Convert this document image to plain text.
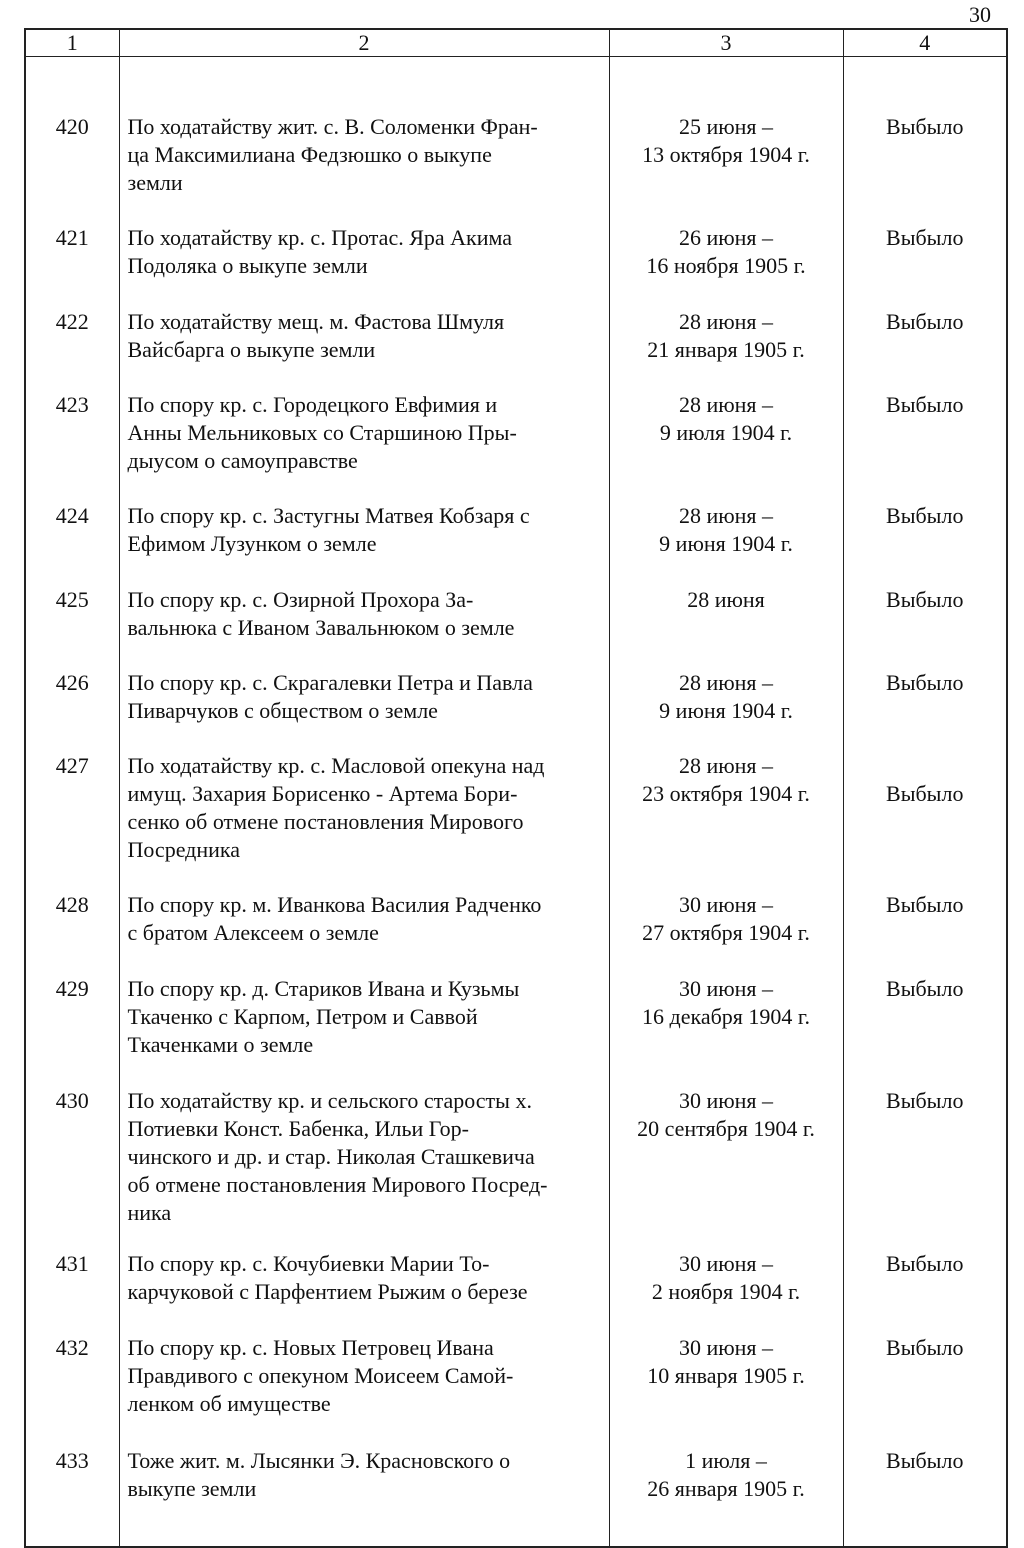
30
1	2	3	4
420	По ходатайству жит. с. В. Соломенки Фран-
ца Максимилиана Федзюшко о выкупе
земли	25 июня –
13 октября 1904 г.	Выбыло
421	По ходатайству кр. с. Протас. Яра Акима
Подоляка о выкупе земли	26 июня –
16 ноября 1905 г.	Выбыло
422	По ходатайству мещ. м. Фастова Шмуля
Вайсбарга о выкупе земли	28 июня –
21 января 1905 г.	Выбыло
423	По спору кр. с. Городецкого Евфимия и
Анны Мельниковых со Старшиною Пры-
дыусом о самоуправстве	28 июня –
9 июля 1904 г.	Выбыло
424	По спору кр. с. Застугны Матвея Кобзаря с
Ефимом Лузунком о земле	28 июня –
9 июня 1904 г.	Выбыло
425	По спору кр. с. Озирной Прохора За-
вальнюка с Иваном Завальнюком о земле	28 июня	Выбыло
426	По спору кр. с. Скрагалевки Петра и Павла
Пиварчуков с обществом о земле	28 июня –
9 июня 1904 г.	Выбыло
427	По ходатайству кр. с. Масловой опекуна над
имущ. Захария Борисенко - Артема Бори-
сенко об отмене постановления Мирового
Посредника	28 июня –
23 октября 1904 г.	Выбыло
428	По спору кр. м. Иванкова Василия Радченко
с братом Алексеем о земле	30 июня –
27 октября 1904 г.	Выбыло
429	По спору кр. д. Стариков Ивана и Кузьмы
Ткаченко с Карпом, Петром и Саввой
Ткаченками о земле	30 июня –
16 декабря 1904 г.	Выбыло
430	По ходатайству кр. и сельского старосты х.
Потиевки Конст. Бабенка, Ильи Гор-
чинского и др. и стар. Николая Сташкевича
об отмене постановления Мирового Посред-
ника	30 июня –
20 сентября 1904 г.	Выбыло
431	По спору кр. с. Кочубиевки Марии То-
карчуковой с Парфентием Рыжим о березе	30 июня –
2 ноября 1904 г.	Выбыло
432	По спору кр. с. Новых Петровец Ивана
Правдивого с опекуном Моисеем Самой-
ленком об имуществе	30 июня –
10 января 1905 г.	Выбыло
433	Тоже жит. м. Лысянки Э. Красновского о
выкупе земли	1 июля –
26 января 1905 г.	Выбыло
